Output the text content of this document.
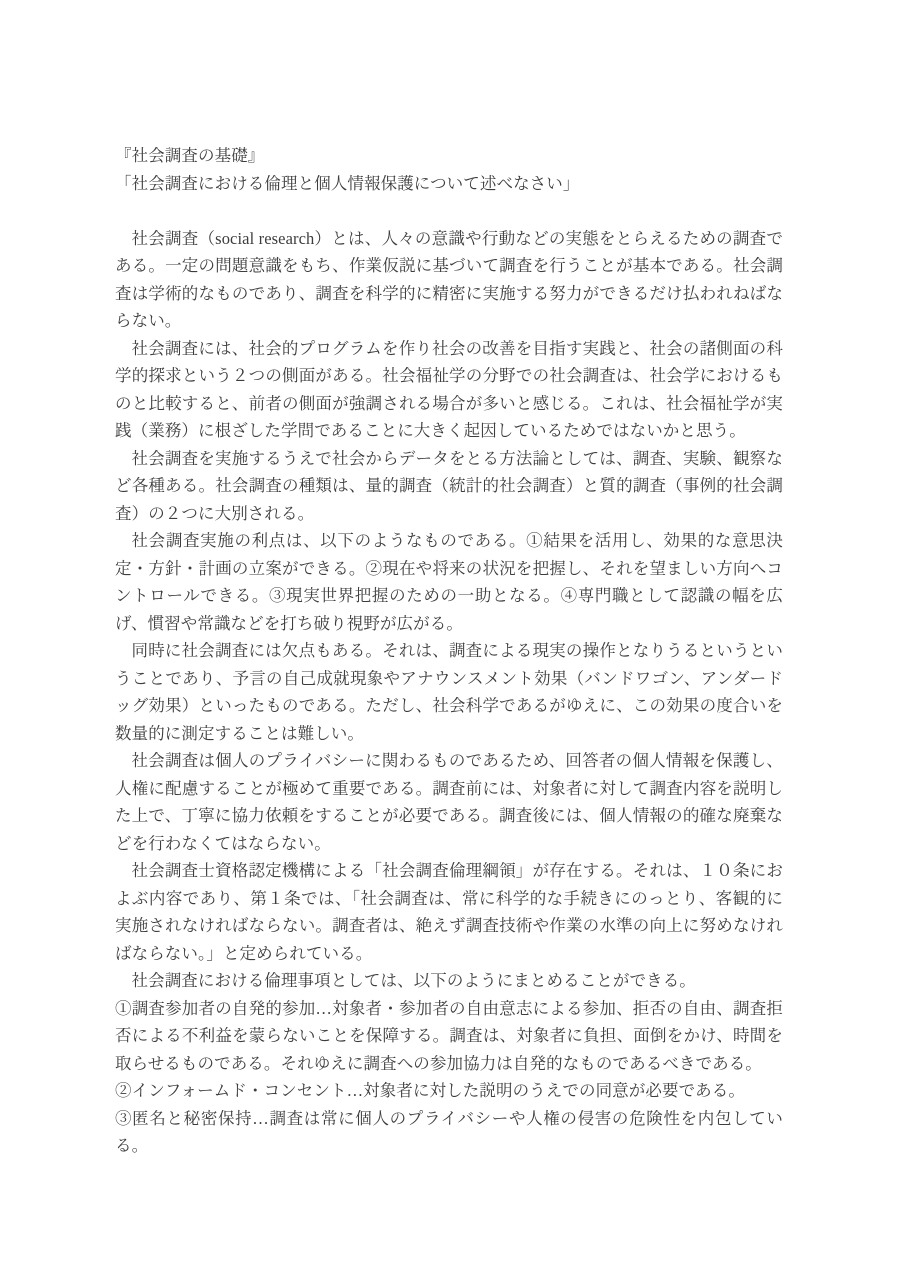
『社会調査の基礎』

「社会調査における倫理と個人情報保護について述べなさい」

社会調査（social research）とは、人々の意識や行動などの実態をとらえるための調査である。一定の問題意識をもち、作業仮説に基づいて調査を行うことが基本である。社会調査は学術的なものであり、調査を科学的に精密に実施する努力ができるだけ払われねばならない。

社会調査には、社会的プログラムを作り社会の改善を目指す実践と、社会の諸側面の科学的探求という２つの側面がある。社会福祉学の分野での社会調査は、社会学におけるものと比較すると、前者の側面が強調される場合が多いと感じる。これは、社会福祉学が実践（業務）に根ざした学問であることに大きく起因しているためではないかと思う。

社会調査を実施するうえで社会からデータをとる方法論としては、調査、実験、観察など各種ある。社会調査の種類は、量的調査（統計的社会調査）と質的調査（事例的社会調査）の２つに大別される。

社会調査実施の利点は、以下のようなものである。①結果を活用し、効果的な意思決定・方針・計画の立案ができる。②現在や将来の状況を把握し、それを望ましい方向へコントロールできる。③現実世界把握のための一助となる。④専門職として認識の幅を広げ、慣習や常識などを打ち破り視野が広がる。

同時に社会調査には欠点もある。それは、調査による現実の操作となりうるというということであり、予言の自己成就現象やアナウンスメント効果（バンドワゴン、アンダードッグ効果）といったものである。ただし、社会科学であるがゆえに、この効果の度合いを数量的に測定することは難しい。

社会調査は個人のプライバシーに関わるものであるため、回答者の個人情報を保護し、人権に配慮することが極めて重要である。調査前には、対象者に対して調査内容を説明した上で、丁寧に協力依頼をすることが必要である。調査後には、個人情報の的確な廃棄などを行わなくてはならない。

社会調査士資格認定機構による「社会調査倫理綱領」が存在する。それは、１０条におよぶ内容であり、第１条では、「社会調査は、常に科学的な手続きにのっとり、客観的に実施されなければならない。調査者は、絶えず調査技術や作業の水準の向上に努めなければならない。」と定められている。

社会調査における倫理事項としては、以下のようにまとめることができる。

①調査参加者の自発的参加…対象者・参加者の自由意志による参加、拒否の自由、調査拒否による不利益を蒙らないことを保障する。調査は、対象者に負担、面倒をかけ、時間を取らせるものである。それゆえに調査への参加協力は自発的なものであるべきである。

②インフォームド・コンセント…対象者に対した説明のうえでの同意が必要である。

③匿名と秘密保持…調査は常に個人のプライバシーや人権の侵害の危険性を内包している。
